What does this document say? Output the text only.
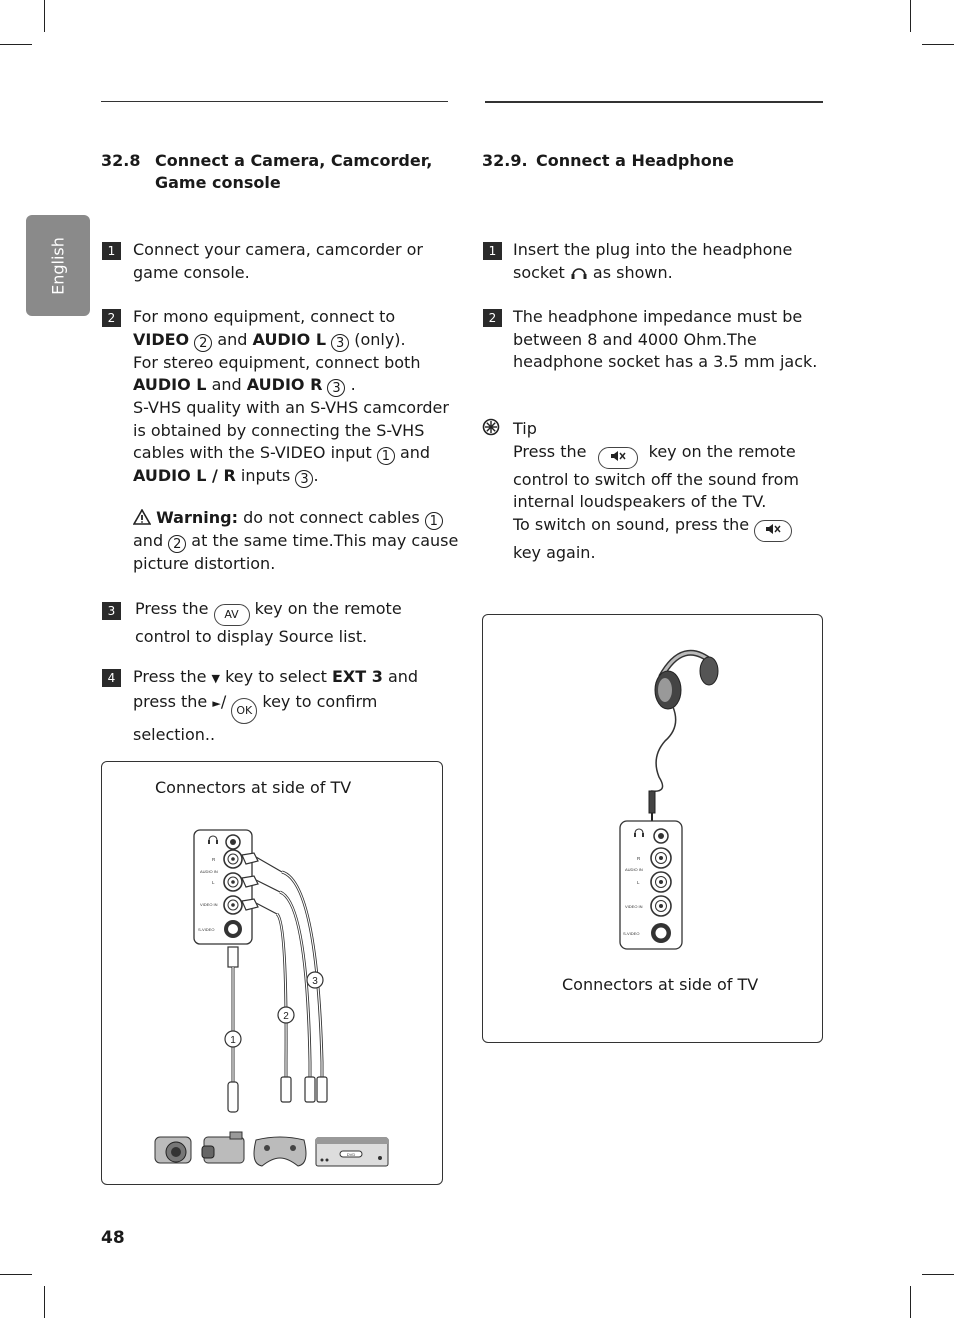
English
32.8 Connect a Camera, Camcorder,
Game console
1	Connect your camera, camcorder or
game console.
2	For mono equipment, connect to
VIDEO 2 and AUDIO L 3 (only).
For stereo equipment, connect both
AUDIO L and AUDIO R 3 .
S-VHS quality with an S-VHS camcorder
is obtained by connecting the S-VHS
cables with the S-VIDEO input 1 and
AUDIO L / R inputs 3 .
Warning: do not connect cables 1
and 2 at the same time.This may cause
picture distortion.
3	Press the AV key on the remote
control to display Source list.
4	Press the ▼ key to select EXT 3 and
press the ►/ OK key to confirm
selection..
Connectors at side of TV
R
AUDIO IN
L
VIDEO IN
S-VIDEO
1
2
3
DVD
32.9. Connect a Headphone
1	Insert the plug into the headphone
socket as shown.
2	The headphone impedance must be
between 8 and 4000 Ohm.The
headphone socket has a 3.5 mm jack.
Tip
Press the	key on the remote
control to switch off the sound from
internal loudspeakers of the TV.
To switch on sound, press the
key again.
R
AUDIO IN
L
VIDEO IN
S-VIDEO
Connectors at side of TV
48
